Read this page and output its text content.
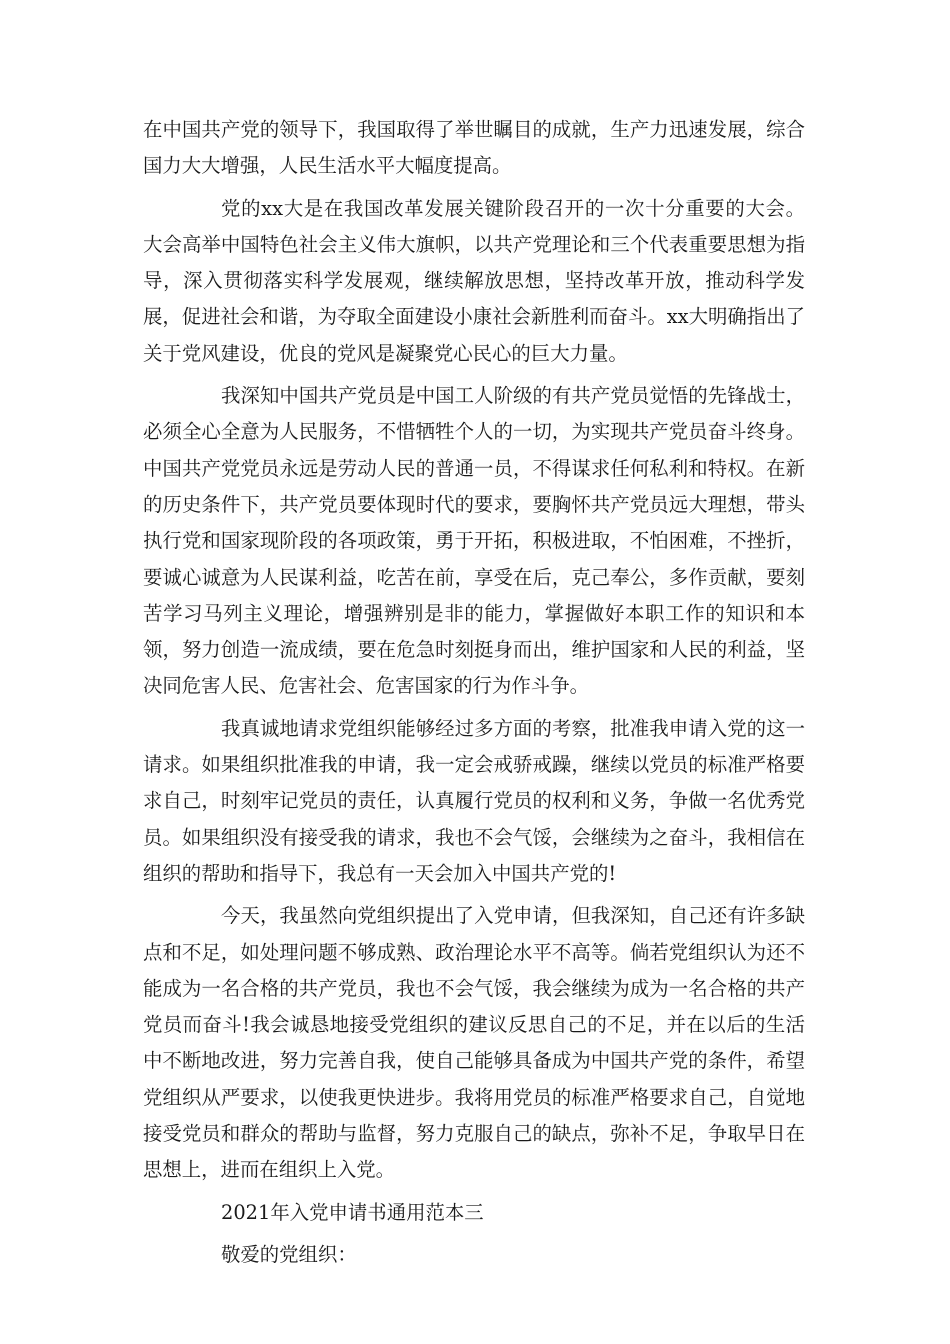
在中国共产党的领导下，我国取得了举世瞩目的成就，生产力迅速发展，综合国力大大增强，人民生活水平大幅度提高。

党的xx大是在我国改革发展关键阶段召开的一次十分重要的大会。大会高举中国特色社会主义伟大旗帜，以共产党理论和三个代表重要思想为指导，深入贯彻落实科学发展观，继续解放思想，坚持改革开放，推动科学发展，促进社会和谐，为夺取全面建设小康社会新胜利而奋斗。xx大明确指出了关于党风建设，优良的党风是凝聚党心民心的巨大力量。

我深知中国共产党员是中国工人阶级的有共产党员觉悟的先锋战士，必须全心全意为人民服务，不惜牺牲个人的一切，为实现共产党员奋斗终身。中国共产党党员永远是劳动人民的普通一员，不得谋求任何私利和特权。在新的历史条件下，共产党员要体现时代的要求，要胸怀共产党员远大理想，带头执行党和国家现阶段的各项政策，勇于开拓，积极进取，不怕困难，不挫折，要诚心诚意为人民谋利益，吃苦在前，享受在后，克己奉公，多作贡献，要刻苦学习马列主义理论，增强辨别是非的能力，掌握做好本职工作的知识和本领，努力创造一流成绩，要在危急时刻挺身而出，维护国家和人民的利益，坚决同危害人民、危害社会、危害国家的行为作斗争。

我真诚地请求党组织能够经过多方面的考察，批准我申请入党的这一请求。如果组织批准我的申请，我一定会戒骄戒躁，继续以党员的标准严格要求自己，时刻牢记党员的责任，认真履行党员的权利和义务，争做一名优秀党员。如果组织没有接受我的请求，我也不会气馁，会继续为之奋斗，我相信在组织的帮助和指导下，我总有一天会加入中国共产党的!

今天，我虽然向党组织提出了入党申请，但我深知，自己还有许多缺点和不足，如处理问题不够成熟、政治理论水平不高等。倘若党组织认为还不能成为一名合格的共产党员，我也不会气馁，我会继续为成为一名合格的共产党员而奋斗!我会诚恳地接受党组织的建议反思自己的不足，并在以后的生活中不断地改进，努力完善自我，使自己能够具备成为中国共产党的条件，希望党组织从严要求，以使我更快进步。我将用党员的标准严格要求自己，自觉地接受党员和群众的帮助与监督，努力克服自己的缺点，弥补不足，争取早日在思想上，进而在组织上入党。

2021年入党申请书通用范本三

敬爱的党组织：
